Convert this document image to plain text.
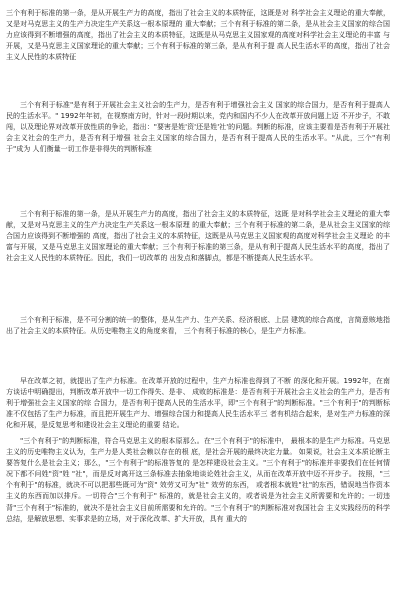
三个有利于标准的第一条，是从开展生产力的高度，指出了社会主义的本质特征，这既是对 科学社会主义理论的重大奉献，又是对马克思主义的生产力决定生产关系这一根本原理的 重大奉献；三个有利于标准的第二条，是从社会主义国家的综合国力应该得到不断增强的高度，指出了社会主义的本质特征，这既是从马克思主义国家观的高度对科学社会主义理论的丰富 与开展，又是马克思主义国家理论的重大奉献；三个有利于标准的第三条，是从有利于提 高人民生活水平的高度，指出了社会主义人民性的本质特征

三个有利于标准"是有利于开展社会主义社会的生产力，是否有利于增强社会主义 国家的综合国力，是否有利于提高人民的生活水平。" 1992年年初，在视察南方时，针对一段时期以来，党内和国内不少人在改革开放问题上迈 不开步子，不敢闯，以及理论界对改革开放性质的争论，指出："要害是姓'资'还是姓'社'的问题。判断的标准，应该主要看是否有利于开展社会主义社会的生产力，是否有利于增强 社会主义国家的综合国力，是否有利于提高人民的生活水平。"从此，三个"有利于"成为 人们衡量一切工作是非得失的判断标准

三个有利于标准的第一条，是从开展生产力的高度，指出了社会主义的本质特征，这既 是对科学社会主义理论的重大奉献，又是对马克思主义的生产力决定生产关系这一根本原理 的重大奉献；三个有利于标准的第二条，是从社会主义国家的综合国力应该得到不断增强的 高度，指出了社会主义的本质特征，这既是从马克思主义国家观的高度对科学社会主义理论 的丰富与开展，又是马克思主义国家理论的重大奉献；三个有利于标准的第三条，是从有利于提高人民生活水平的高度，指出了社会主义人民性的本质特征。因此，我们一切改革的 出发点和落脚点，都是不断提高人民生活水平。

三个有利于标准，是不可分割的统一的整体，是从生产力、生产关系、经济根底、上层 建筑的综合高度，言简意赅地指出了社会主义的本质特征。从历史唯物主义的角度来看， 三个有利于标准的核心，是生产力标准。

早在改革之初，就提出了生产力标准。在改革开放的过程中，生产力标准也得到了不断 的深化和开展。1992年，在南方谈话中明确提出，判断改革开放中一切工作得失、是非、 成败的标准是：是否有利于开展社会主义社会的生产力，是否有利于增强社会主义国家的综 合国力，是否有利于提高人民的生活水平，即"三个有利于"的判断标准。"三个有利于"的判断标准不仅包括了生产力标准，而且把开展生产力、增强综合国力和提高人民生活水平三 者有机结合起来，是对生产力标准的深化和开展，是反复思考和建设社会主义理论的重要 结论。

"三个有利于"的判断标准，符合马克思主义的根本原那么。在"三个有利于"的标准中， 最根本的是生产力标准。马克思主义的历史唯物主义认为，生产力是人类社会赖以存在的根 底，是社会开展的最终决定力量。 如果说，社会主义本质论断主要答复什么是社会主义；那么，"三个有利于"的标准答复的 是怎样建设社会主义。"三个有利于"的标准并非要我们在任何情况下都不问姓"资"姓 "社"，而是反对离开这三条标准去抽象地谈论姓社会主义，从而在改革开放中迈不开步子。 按照，"三个有利于"的标准，就决不可以把那些既可为"资" 效劳又可为"社" 效劳的东西， 或者根本就姓"社"的东西，错误地当作资本主义的东西而加以排斥。一切符合"三个有利于" 标准的，就是社会主义的，或者说是为社会主义所需要和允许的；一切违背"三个有利于"标准的，就决不是社会主义目前所需要和允许的。"三个有利于"的判断标准对我国社会 主义实践经历的科学总结，是解放思想、实事求是的立场，对于深化改革、扩大开放，具有 重大的
